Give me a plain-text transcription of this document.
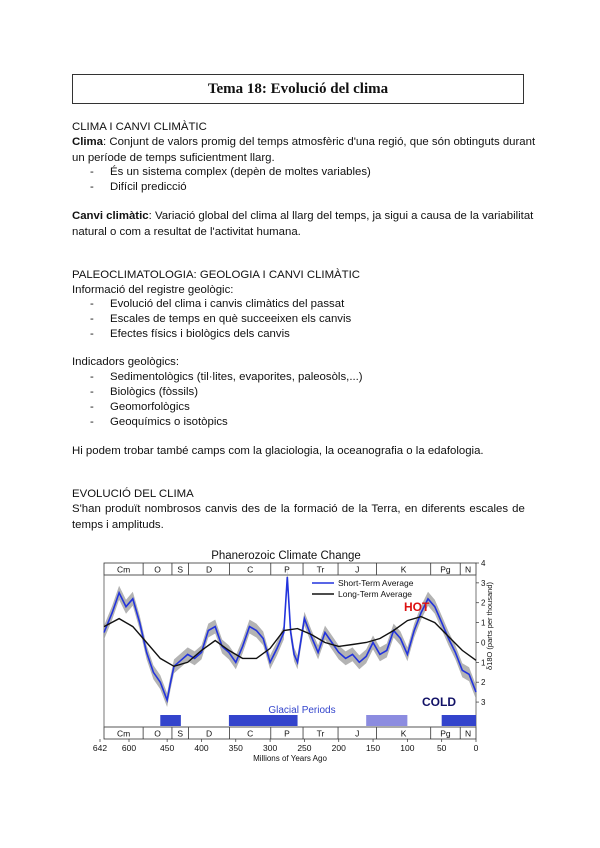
Tema 18: Evolució del clima
CLIMA I CANVI CLIMÀTIC
Clima: Conjunt de valors promig del temps atmosfèric d'una regió, que són obtinguts durant
un període de temps suficientment llarg.
- És un sistema complex (depèn de moltes variables)
- Difícil predicció
Canvi climàtic: Variació global del clima al llarg del temps, ja sigui a causa de la variabilitat
natural o com a resultat de l'activitat humana.
PALEOCLIMATOLOGIA: GEOLOGIA I CANVI CLIMÀTIC
Informació del registre geològic:
- Evolució del clima i canvis climàtics del passat
- Escales de temps en què succeeixen els canvis
- Efectes físics i biològics dels canvis
Indicadors geològics:
- Sedimentològics (til·lites, evaporites, paleosòls,...)
- Biològics (fòssils)
- Geomorfològics
- Geoquímics o isotòpics
Hi podem trobar també camps com la glaciologia, la oceanografia o la edafologia.
EVOLUCIÓ DEL CLIMA
S'han produït nombrosos canvis des de la formació de la Terra, en diferents escales de
temps i amplituds.
Phanerozoic Climate Change
Cm	O S	D	C	P	Tr	J	K	Pg N
Cm	O S	D	C	P	Tr	J	K	Pg N
Glacial Periods
Short-Term Average
Long-Term Average
HOT
COLD
4
3
2
1
0
1
2
3
δ18O (parts per thousand)
642 600	450 400 350 300 250 200 150 100	50	0
Millions of Years Ago
